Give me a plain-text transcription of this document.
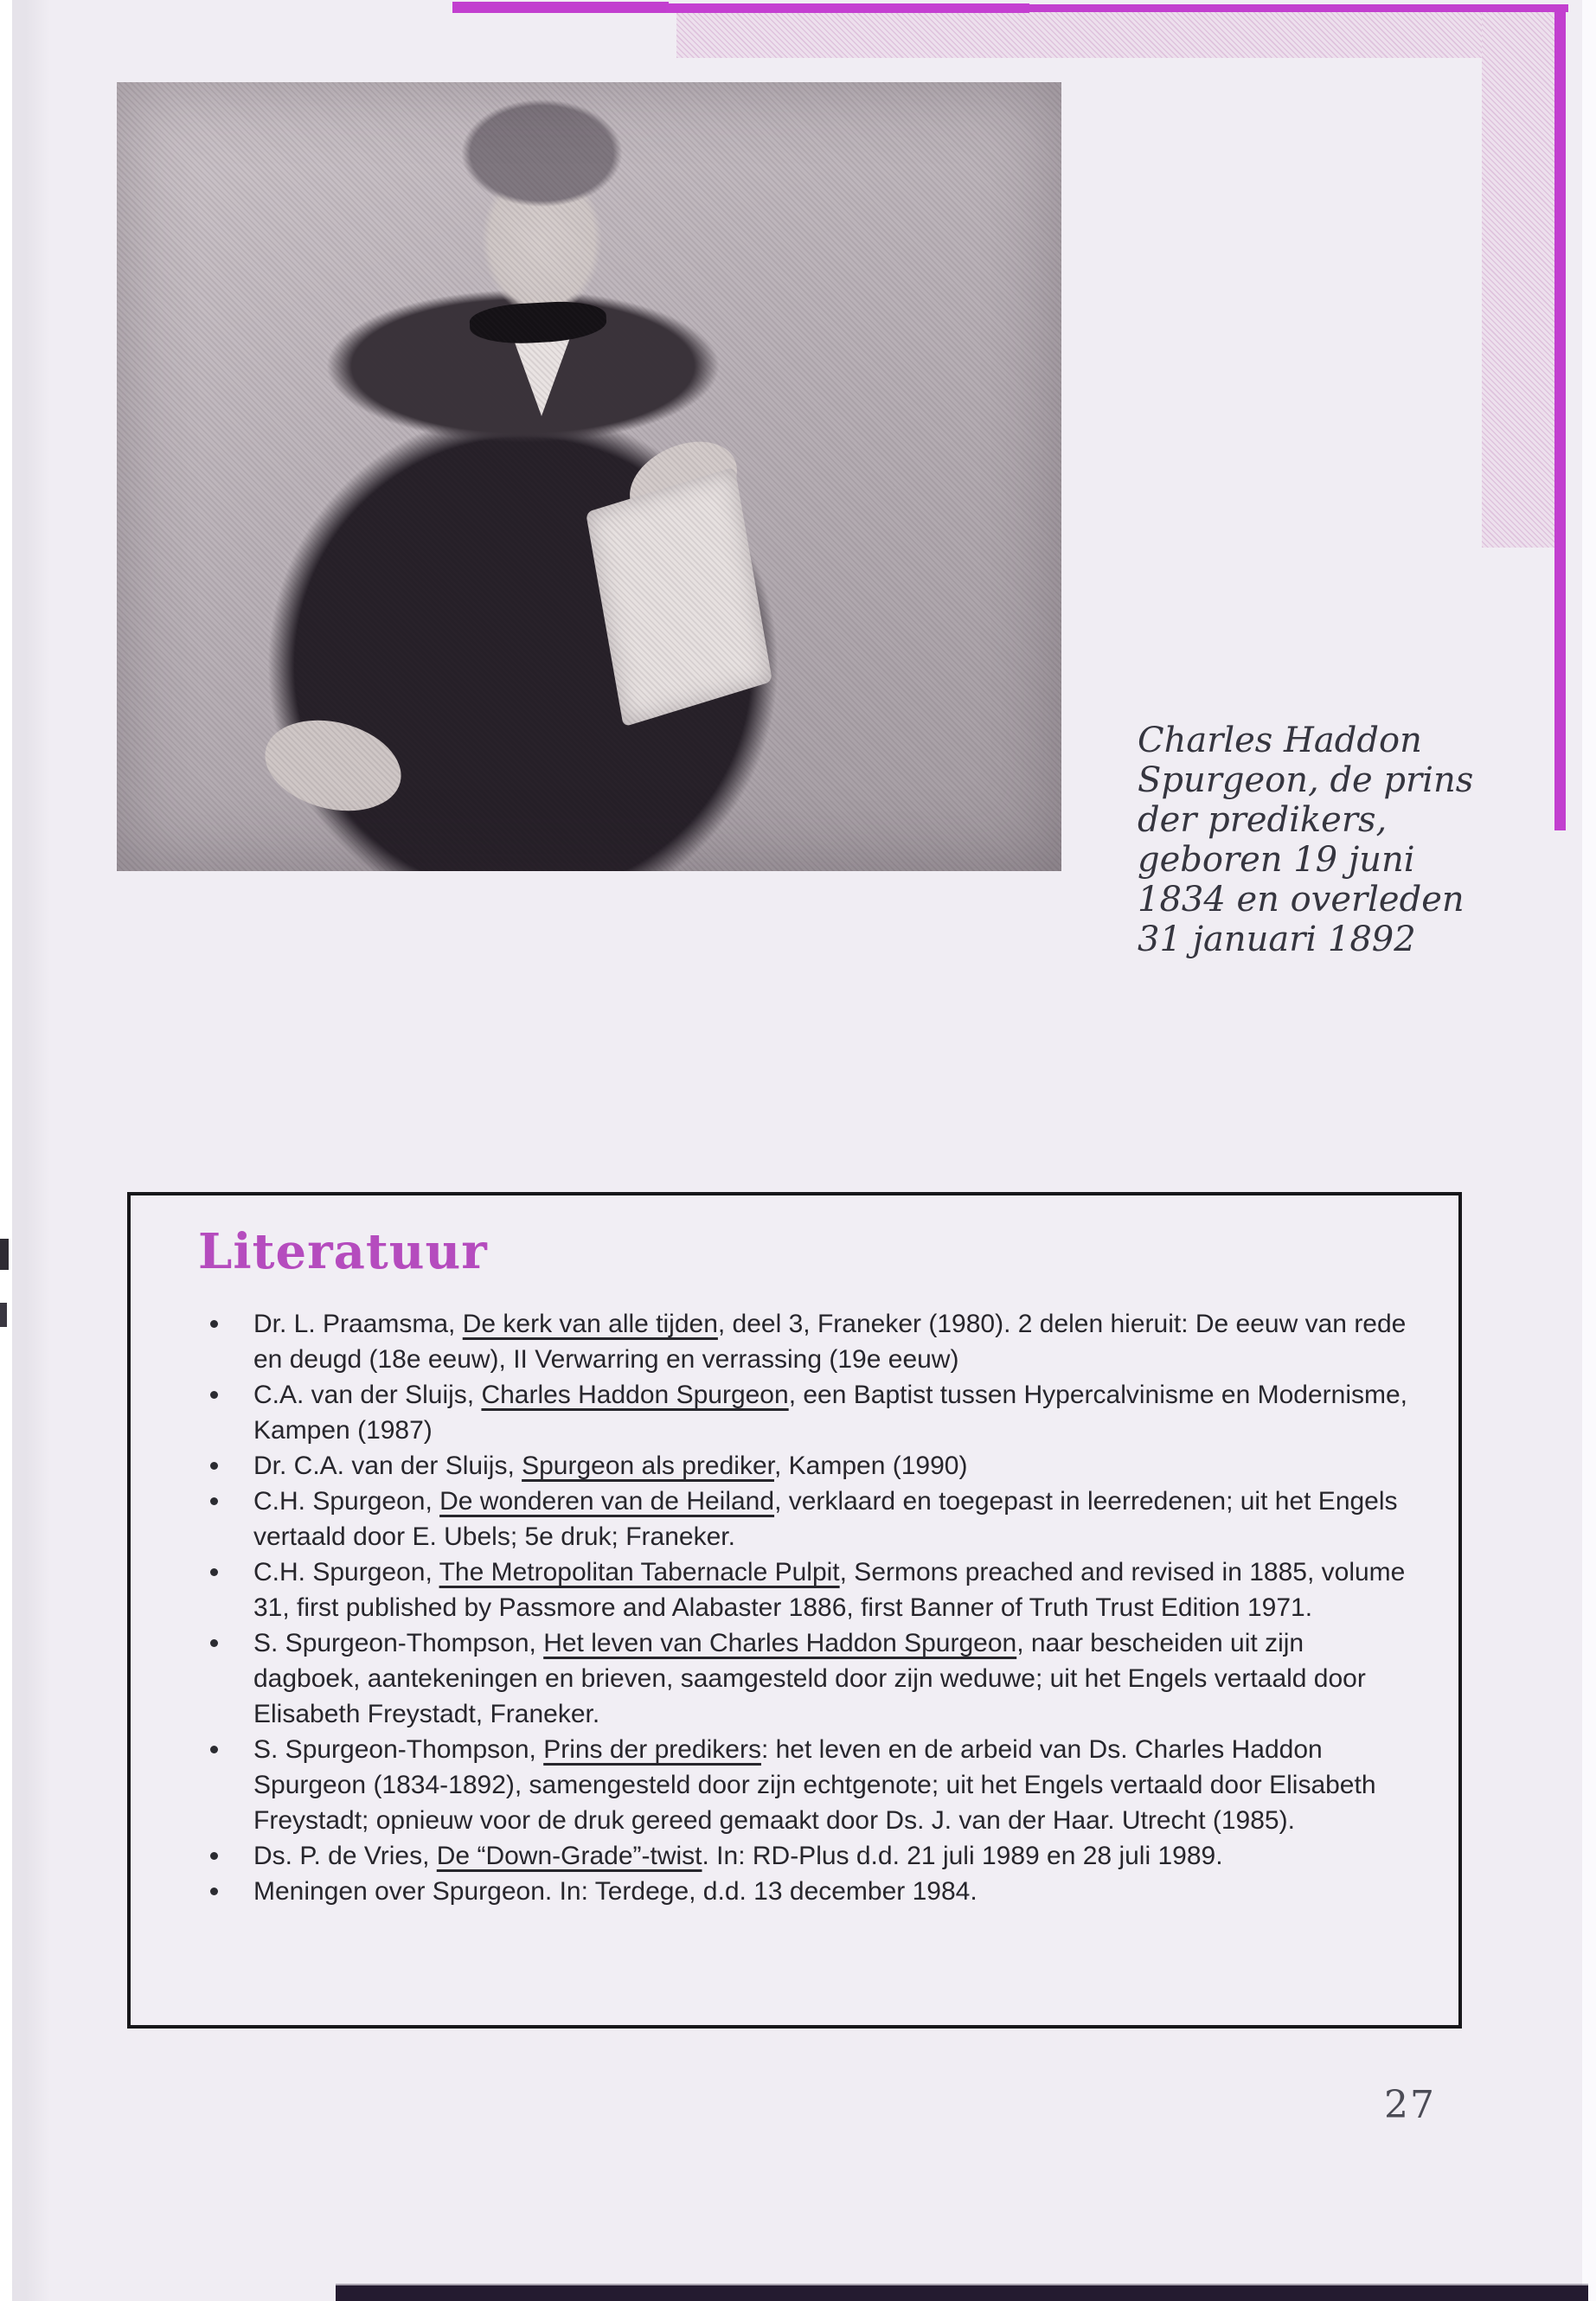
Charles Haddon
Spurgeon, de prins
der predikers,
geboren 19 juni
1834 en overleden
31 januari 1892
Literatuur
Dr. L. Praamsma, De kerk van alle tijden, deel 3, Franeker (1980). 2 delen hieruit: De eeuw van rede en deugd (18e eeuw), II Verwarring en verrassing (19e eeuw)
C.A. van der Sluijs, Charles Haddon Spurgeon, een Baptist tussen Hypercalvinisme en Modernisme, Kampen (1987)
Dr. C.A. van der Sluijs, Spurgeon als prediker, Kampen (1990)
C.H. Spurgeon, De wonderen van de Heiland, verklaard en toegepast in leerredenen; uit het Engels vertaald door E. Ubels; 5e druk; Franeker.
C.H. Spurgeon, The Metropolitan Tabernacle Pulpit, Sermons preached and revised in 1885, volume 31, first published by Passmore and Alabaster 1886, first Banner of Truth Trust Edition 1971.
S. Spurgeon-Thompson, Het leven van Charles Haddon Spurgeon, naar bescheiden uit zijn dagboek, aantekeningen en brieven, saamgesteld door zijn weduwe; uit het Engels vertaald door Elisabeth Freystadt, Franeker.
S. Spurgeon-Thompson, Prins der predikers: het leven en de arbeid van Ds. Charles Haddon Spurgeon (1834-1892), samengesteld door zijn echtgenote; uit het Engels vertaald door Elisabeth Freystadt; opnieuw voor de druk gereed gemaakt door Ds. J. van der Haar. Utrecht (1985).
Ds. P. de Vries, De “Down-Grade”-twist. In: RD-Plus d.d. 21 juli 1989 en 28 juli 1989.
Meningen over Spurgeon. In: Terdege, d.d. 13 december 1984.
27
